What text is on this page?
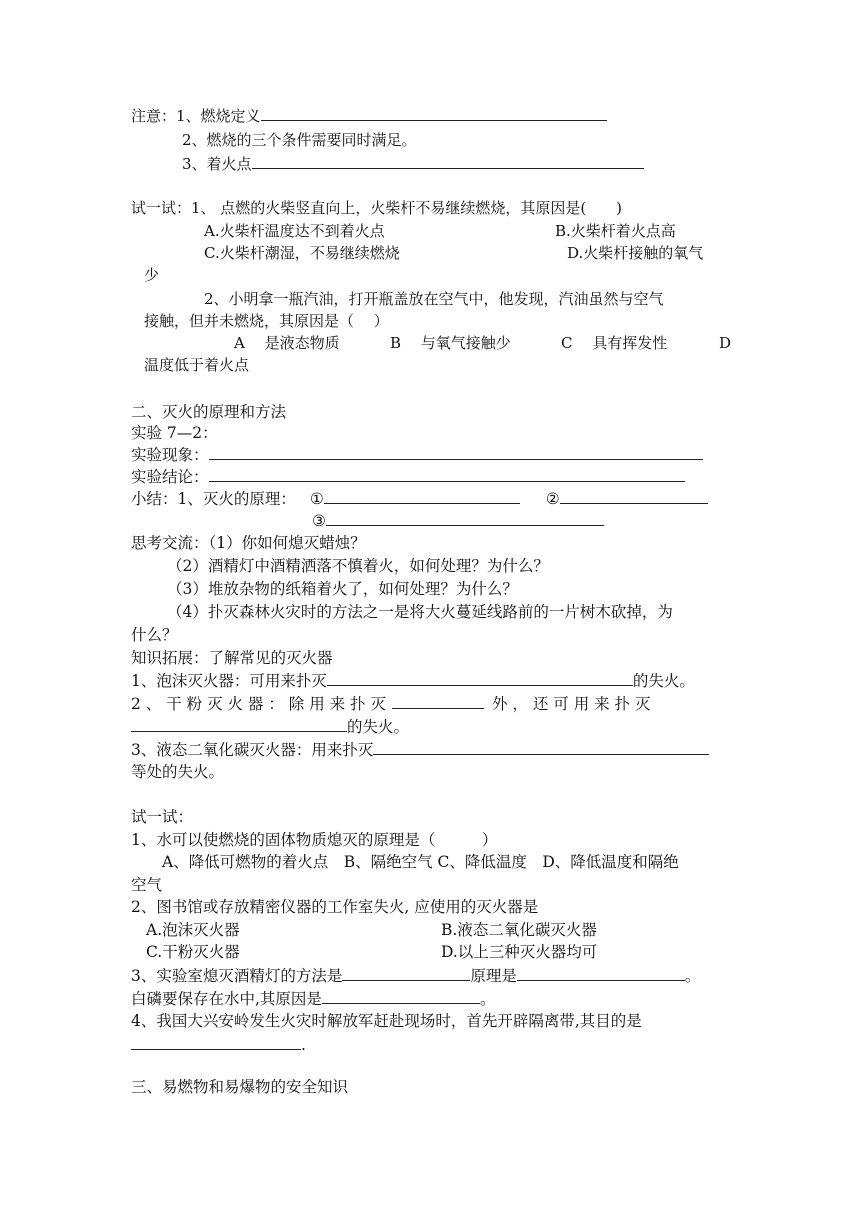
注意：1、燃烧定义
2、燃烧的三个条件需要同时满足。
3、着火点
试一试：1、 点燃的火柴竖直向上，火柴杆不易继续燃烧，其原因是(　　)
A.火柴杆温度达不到着火点	B.火柴杆着火点高
C.火柴杆潮湿，不易继续燃烧	D.火柴杆接触的氧气
少
2、小明拿一瓶汽油，打开瓶盖放在空气中，他发现，汽油虽然与空气
接触，但并未燃烧，其原因是（　 ）
A　 是液态物质	B　 与氧气接触少	C　 具有挥发性	D
温度低于着火点
二、灭火的原理和方法
实验 7—2：
实验现象：
实验结论：
小结：1、灭火的原理： ①	②
③
思考交流：（1）你如何熄灭蜡烛？
（2）酒精灯中酒精洒落不慎着火，如何处理？为什么？
（3）堆放杂物的纸箱着火了，如何处理？为什么？
（4）扑灭森林火灾时的方法之一是将大火蔓延线路前的一片树木砍掉，为
什么？
知识拓展：了解常见的灭火器
1、泡沫灭火器：可用来扑灭	的失火。
2 、 干 粉 灭 火 器 ： 除 用 来 扑 灭	外 ， 还 可 用 来 扑 灭
的失火。
3、液态二氧化碳灭火器：用来扑灭
等处的失火。
试一试：
1、水可以使燃烧的固体物质熄灭的原理是（　　　）
A、降低可燃物的着火点　B、隔绝空气 C、降低温度　D、降低温度和隔绝
空气
2、图书馆或存放精密仪器的工作室失火, 应使用的灭火器是
A.泡沫灭火器	B.液态二氧化碳灭火器
C.干粉灭火器	D.以上三种灭火器均可
3、实验室熄灭酒精灯的方法是	原理是	。
白磷要保存在水中,其原因是	。
4、我国大兴安岭发生火灾时解放军赶赴现场时，首先开辟隔离带,其目的是
.
三、易燃物和易爆物的安全知识
